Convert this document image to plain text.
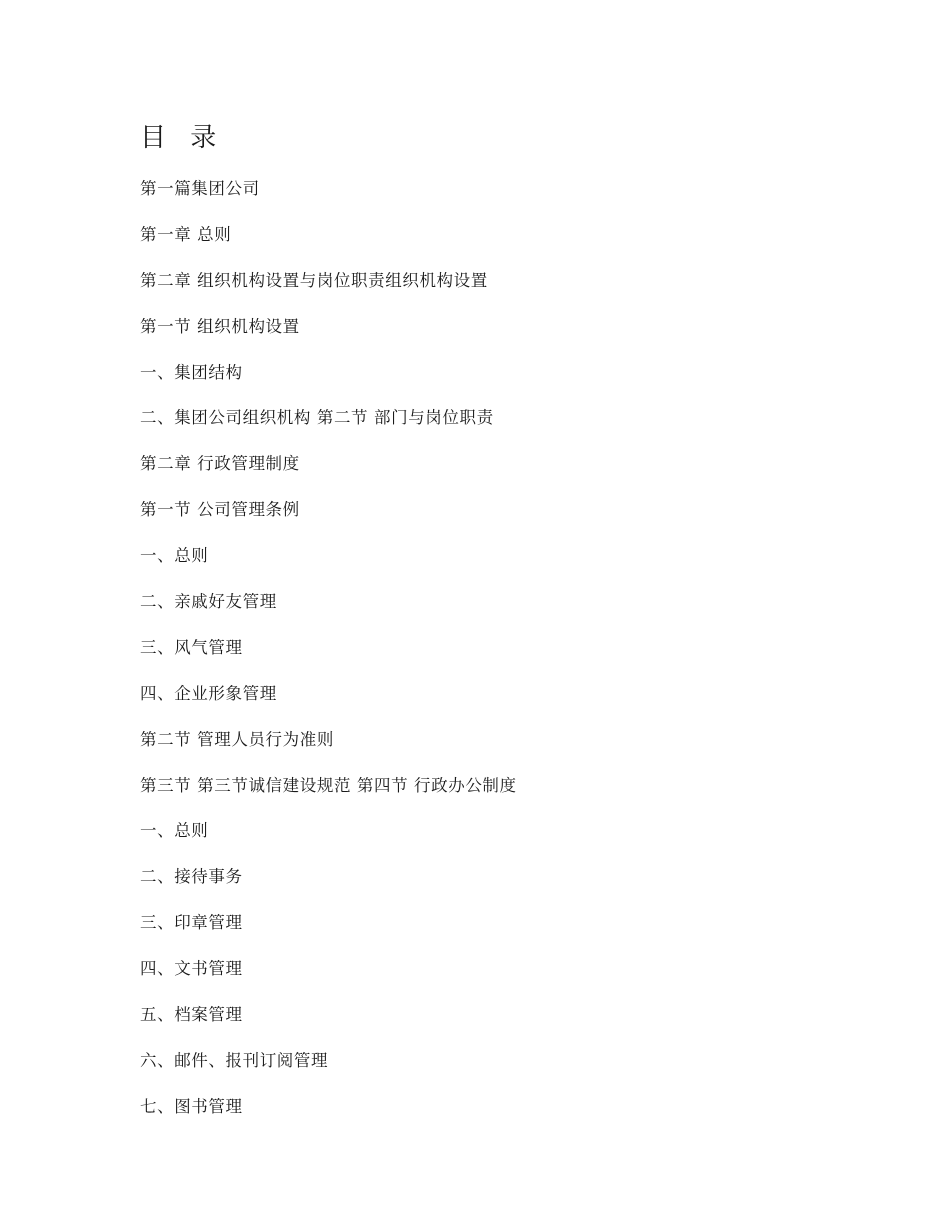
目 录
第一篇集团公司
第一章 总则
第二章 组织机构设置与岗位职责组织机构设置
第一节 组织机构设置
一、集团结构
二、集团公司组织机构 第二节 部门与岗位职责
第二章 行政管理制度
第一节 公司管理条例
一、总则
二、亲戚好友管理
三、风气管理
四、企业形象管理
第二节 管理人员行为准则
第三节 第三节诚信建设规范 第四节 行政办公制度
一、总则
二、接待事务
三、印章管理
四、文书管理
五、档案管理
六、邮件、报刊订阅管理
七、图书管理
